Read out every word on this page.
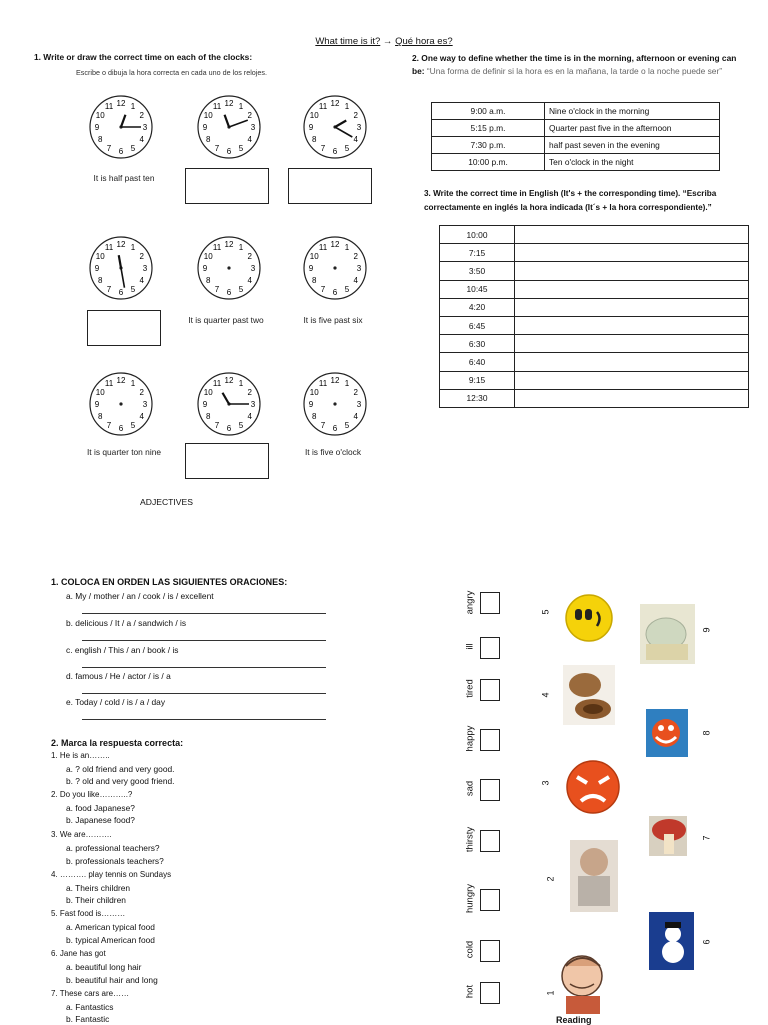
What time is it? → Qué hora es?
1. Write or draw the correct time on each of the clocks:
Escribe o dibuja la hora correcta en cada uno de los relojes.
1
2
3
4
5
6
7
8
9
10
11 12	1
2
3
4
5
6
7
8
9
10
11 12	1
2
3
4
5
6
7
8
9
10
11 12
1
2
3
4
5
6
7
8
9
10
11 12	1
2
3
4
5
6
7
8
9
10
11 12	1
2
3
4
5
6
7
8
9
10
11 12
1
2
3
4
5
6
7
8
9
10
11 12	1
2
3
4
5
6
7
8
9
10
11 12	1
2
3
4
5
6
7
8
9
10
11 12
It is half past ten
It is quarter past two	It is five past six
It is quarter ton nine	It is five o'clock
2. One way to define whether the time is in the morning, afternoon or evening can be: “Una forma de definir si la hora es en la mañana, la tarde o la noche puede ser”
9:00 a.m.	Nine o'clock in the morning
5:15 p.m.	Quarter past five in the afternoon
7:30 p.m.	half past seven in the evening
10:00 p.m.	Ten o'clock in the night
3. Write the correct time in English (It's + the corresponding time). “Escriba correctamente en inglés la hora indicada (It´s + la hora correspondiente).”
10:00	
7:15	
3:50	
10:45	
4:20	
6:45	
6:30	
6:40	
9:15	
12:30	
ADJECTIVES
1. COLOCA EN ORDEN LAS SIGUIENTES ORACIONES:
a. My / mother / an / cook / is / excellent
b. delicious / It / a / sandwich / is
c. english / This / an / book / is
d. famous / He / actor / is / a
e. Today / cold / is / a / day
2. Marca la respuesta correcta:
1. He is an……..
a. ? old friend and very good.
b. ? old and very good friend.
2. Do you like………..?
a. food Japanese?
b. Japanese food?
3. We are……….
a. professional teachers?
b. professionals teachers?
4. ………. play tennis on Sundays
a. Theirs children
b. Their children
5. Fast food is………
a. American typical food
b. typical American food
6. Jane has got
a. beautiful long hair
b. beautiful hair and long
7. These cars are……
a. Fantastics
b. Fantastic
angry
ill
tired
happy
sad
thirsty
hungry
cold
hot
5
9
4
8
3
7
2
6
1
Reading
